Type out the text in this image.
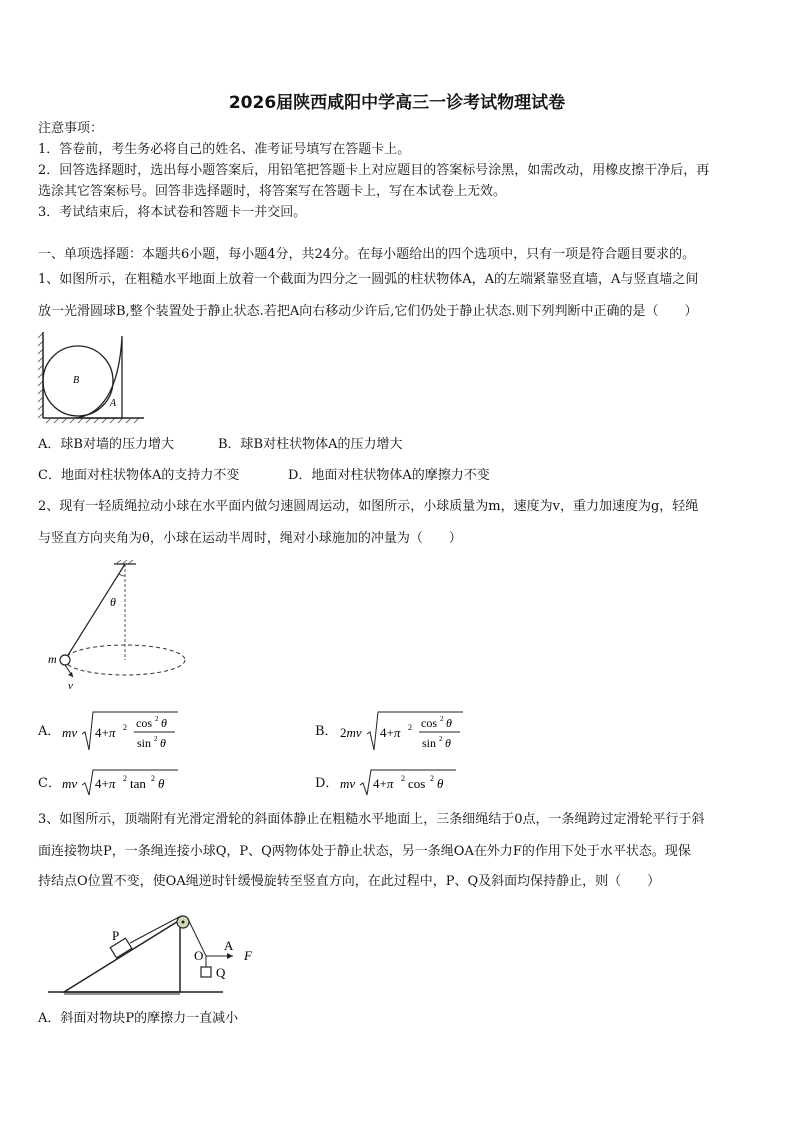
2026届陕西咸阳中学高三一诊考试物理试卷
注意事项：
1．答卷前，考生务必将自己的姓名、准考证号填写在答题卡上。
2．回答选择题时，选出每小题答案后，用铅笔把答题卡上对应题目的答案标号涂黑，如需改动，用橡皮擦干净后，再
选涂其它答案标号。回答非选择题时，将答案写在答题卡上，写在本试卷上无效。
3．考试结束后，将本试卷和答题卡一并交回。
一、单项选择题：本题共6小题，每小题4分，共24分。在每小题给出的四个选项中，只有一项是符合题目要求的。
1、如图所示，在粗糙水平地面上放着一个截面为四分之一圆弧的柱状物体A，A的左端紧靠竖直墙，A与竖直墙之间
放一光滑圆球B,整个装置处于静止状态.若把A向右移动少许后,它们仍处于静止状态.则下列判断中正确的是（　　）
B
A
A．球B对墙的压力增大	B．球B对柱状物体A的压力增大
C．地面对柱状物体A的支持力不变	D．地面对柱状物体A的摩擦力不变
2、现有一轻质绳拉动小球在水平面内做匀速圆周运动，如图所示，小球质量为m，速度为v，重力加速度为g，轻绳
与竖直方向夹角为θ，小球在运动半周时，绳对小球施加的冲量为（　　）
θ
m
v
A． mv 4+π 2 cos 2 θ
sin 2 θ
B． 2mv 4+π 2 cos 2 θ
sin 2 θ
C． mv 4+π 2 tan 2 θ	D． mv 4+π 2 cos 2 θ
3、如图所示，顶端附有光滑定滑轮的斜面体静止在粗糙水平地面上，三条细绳结于0点，一条绳跨过定滑轮平行于斜
面连接物块P，一条绳连接小球Q，P、Q两物体处于静止状态，另一条绳OA在外力F的作用下处于水平状态。现保
持结点O位置不变，使OA绳逆时针缓慢旋转至竖直方向，在此过程中，P、Q及斜面均保持静止，则（　　）
P
O
A
F
Q
A．斜面对物块P的摩擦力一直减小
